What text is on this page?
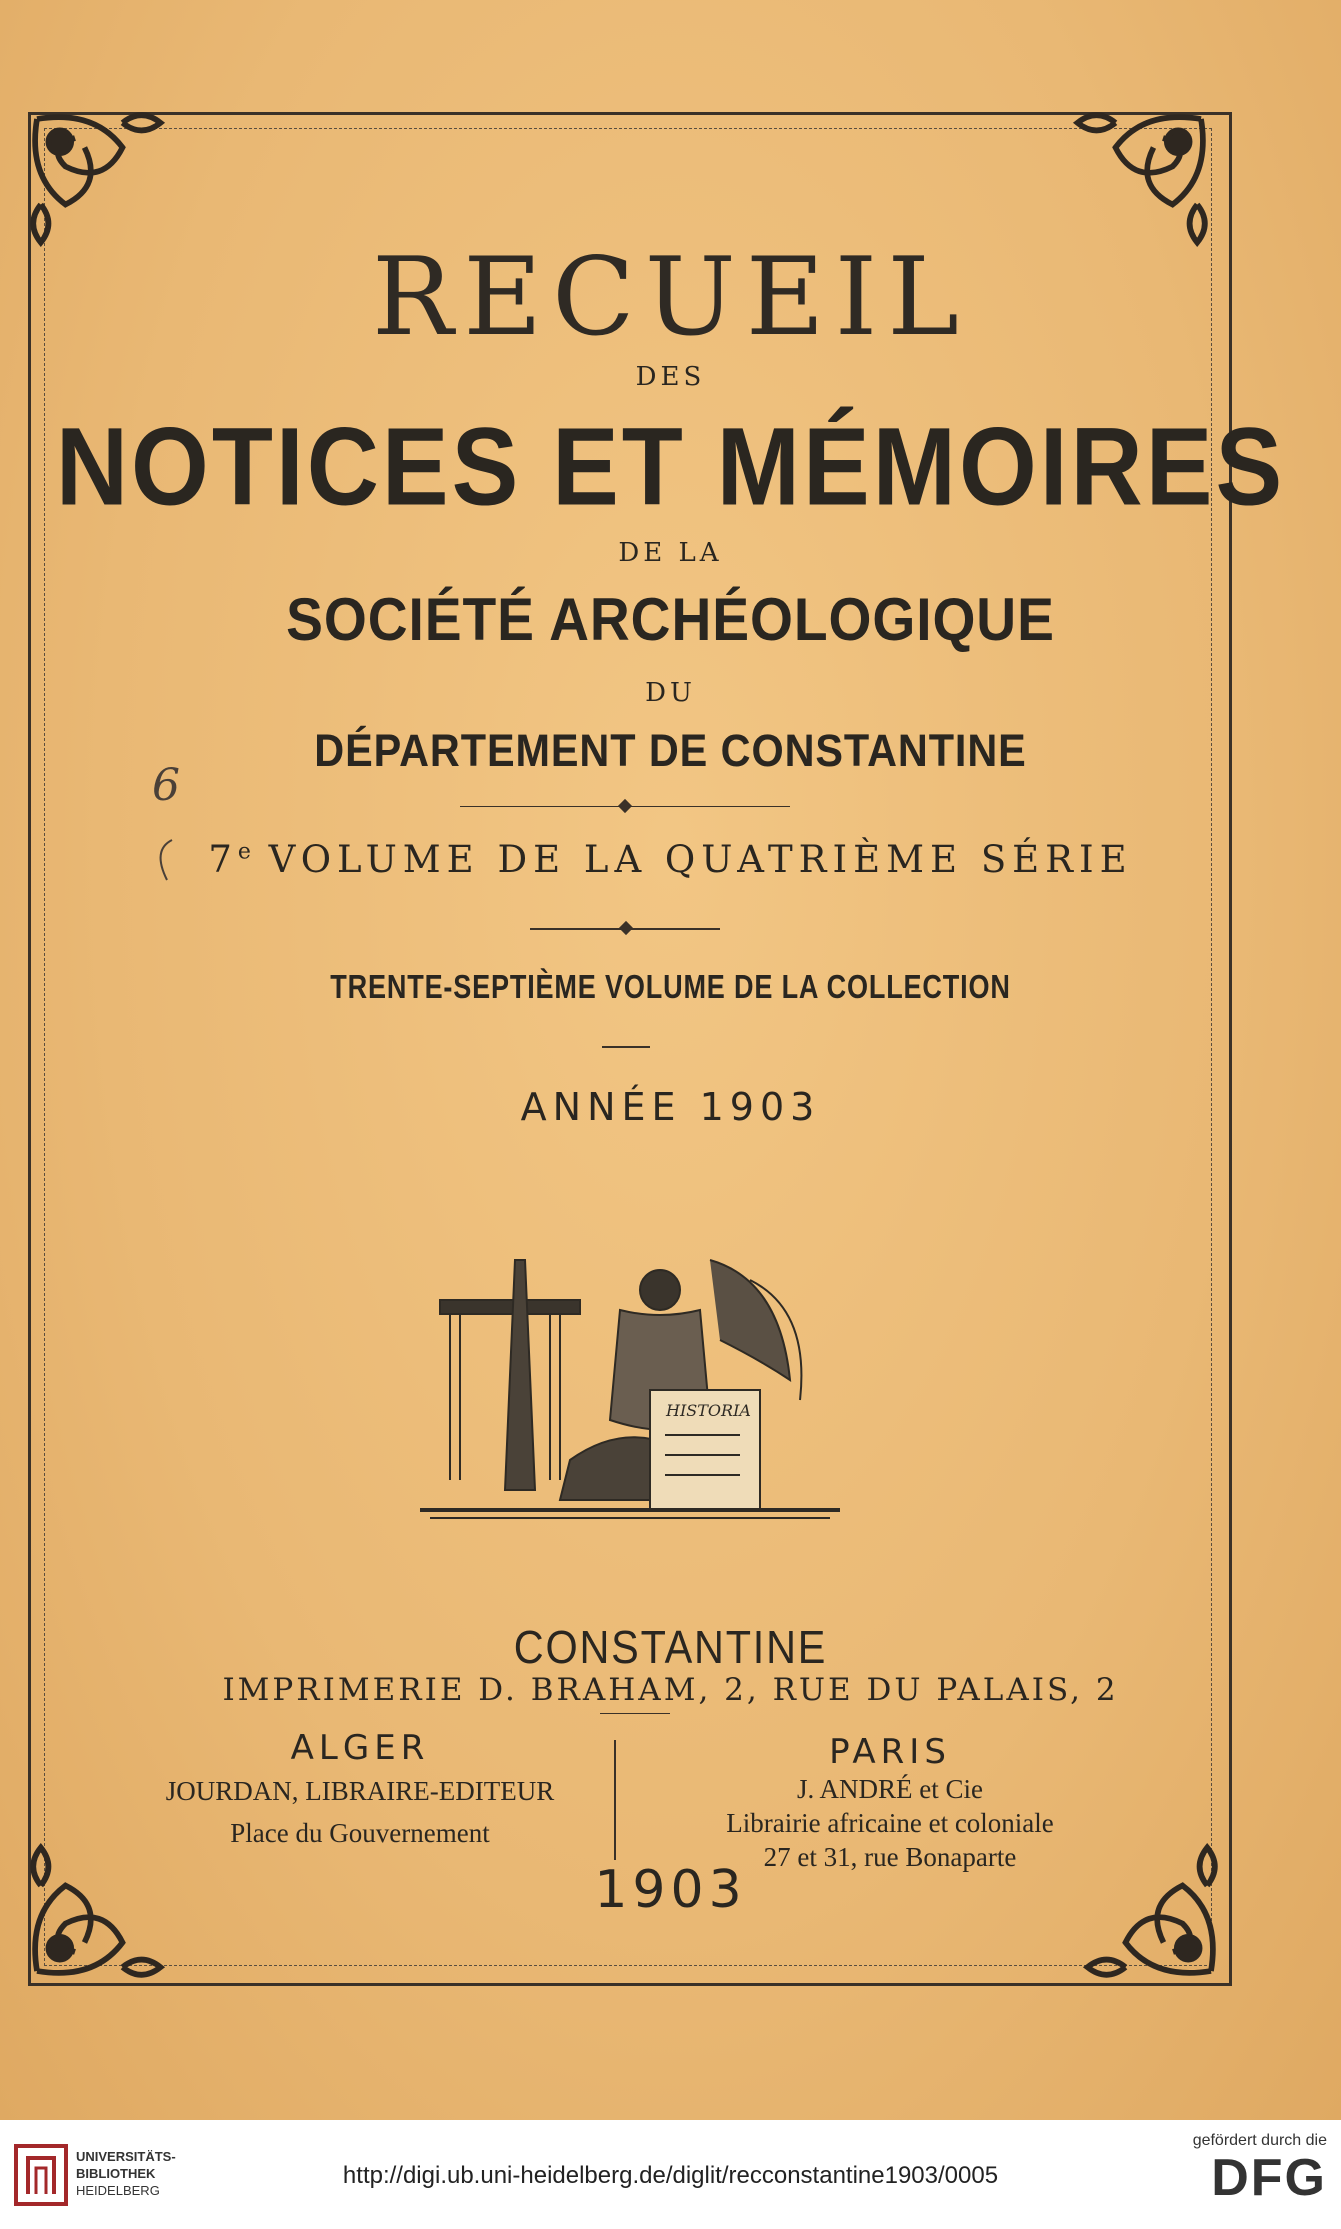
RECUEIL

DES

NOTICES ET MÉMOIRES

DE LA

SOCIÉTÉ ARCHÉOLOGIQUE

DU

DÉPARTEMENT DE CONSTANTINE

7e VOLUME DE LA QUATRIÈME SÉRIE

6

TRENTE-SEPTIÈME VOLUME DE LA COLLECTION

ANNÉE 1903

HISTORIA

CONSTANTINE

IMPRIMERIE D. BRAHAM, 2, RUE DU PALAIS, 2

ALGER
JOURDAN, LIBRAIRE-EDITEUR
Place du Gouvernement
PARIS
J. ANDRÉ et Cie
Librairie africaine et coloniale
27 et 31, rue Bonaparte

1903

UNIVERSITÄTS-
BIBLIOTHEK
HEIDELBERG
http://digi.ub.uni-heidelberg.de/diglit/recconstantine1903/0005
gefördert durch die
DFG
